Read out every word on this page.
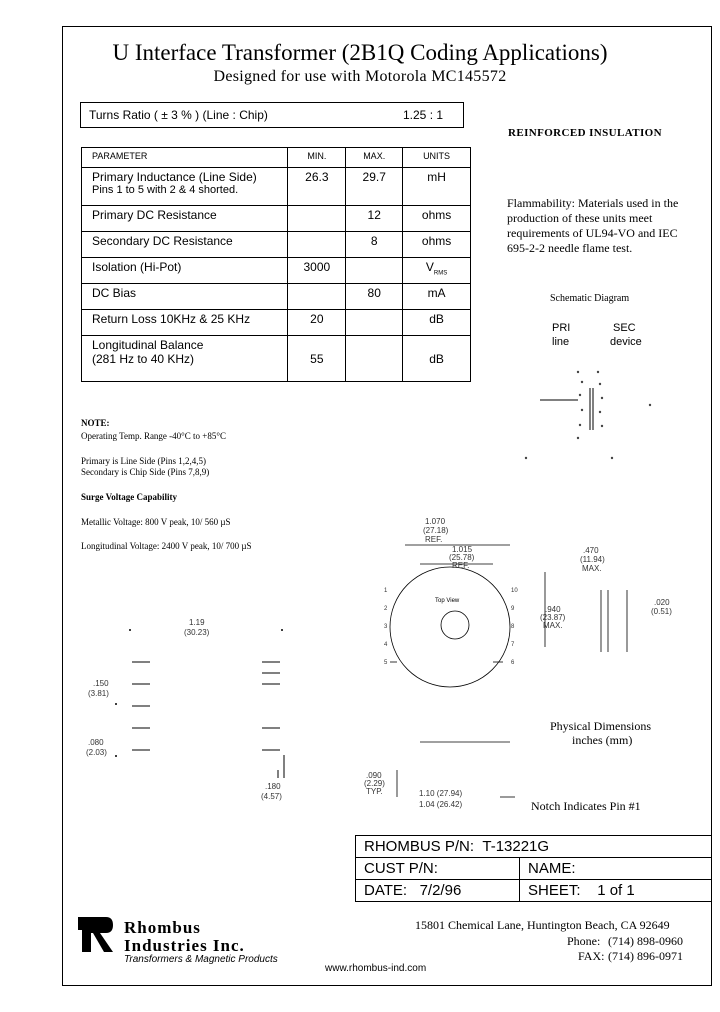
U Interface Transformer (2B1Q Coding Applications)
Designed for use with Motorola MC145572
Turns Ratio ( ± 3 % ) (Line : Chip)	1.25 : 1
PARAMETER	MIN.	MAX.	UNITS

Primary Inductance (Line Side)
Pins 1 to 5 with 2 & 4 shorted.	26.3	29.7	mH
Primary DC Resistance		12	ohms
Secondary DC Resistance		8	ohms
Isolation (Hi-Pot)	3000		$V_{RMS}$
DC Bias		80	mA
Return Loss 10KHz & 25 KHz	20		dB

Longitudinal Balance
(281 Hz to 40 KHz)	55		dB
REINFORCED INSULATION
Flammability: Materials used in the production of these units meet requirements of UL94-VO and IEC 695-2-2 needle flame test.
NOTE:
Operating Temp. Range -40°C to +85°C
Primary is Line Side (Pins 1,2,4,5)
Secondary is Chip Side (Pins 7,8,9)
Surge Voltage Capability
Metallic Voltage: 800 V peak, 10/ 560 µS
Longitudinal Voltage: 2400 V peak, 10/ 700 µS
Schematic Diagram
PRI
line
SEC
device
1.19
(30.23)
.150
(3.81)
.080
(2.03)
.180
(4.57)
Top View
1
2
3
4
5
10
9
8
7
6
1.070
(27.18)
REF.
1.015
(25.78)
REF.
.940
(23.87)
MAX.
.470
(11.94)
MAX.
.020
(0.51)
.090
(2.29)
TYP.	1.10 (27.94)
1.04 (26.42)
Physical Dimensions
inches (mm)
Notch Indicates Pin #1
RHOMBUS P/N: T-13221G	
CUST P/N:	NAME:
DATE: 7/2/96	SHEET: 1 of 1
Rhombus
Industries Inc.
Transformers & Magnetic Products
15801 Chemical Lane, Huntington Beach, CA 92649
Phone: (714) 898-0960
FAX: (714) 896-0971
www.rhombus-ind.com
